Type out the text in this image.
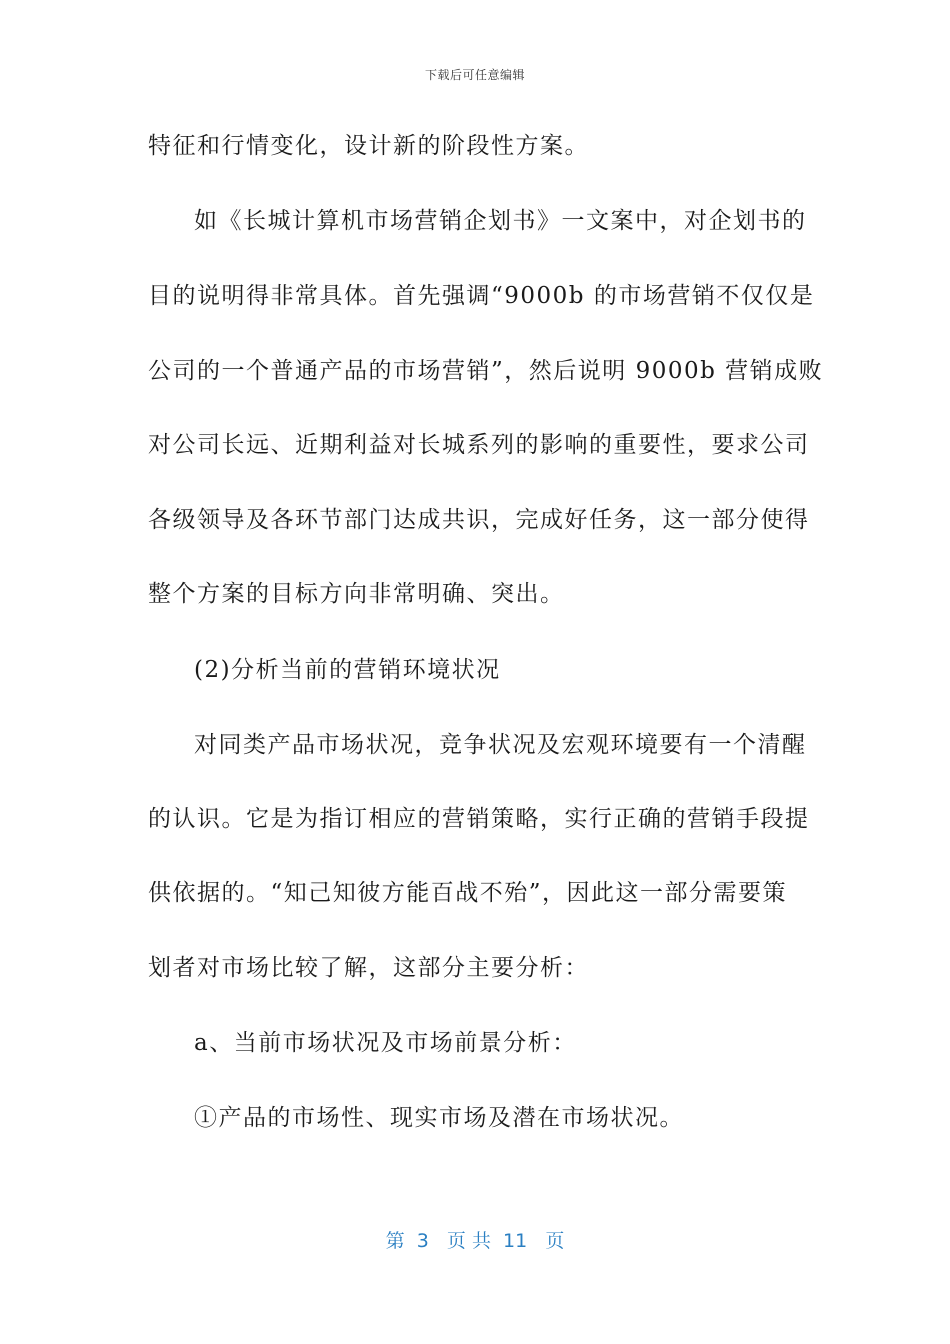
下载后可任意编辑
特征和行情变化，设计新的阶段性方案。
如《长城计算机市场营销企划书》一文案中，对企划书的
目的说明得非常具体。首先强调“9000b 的市场营销不仅仅是
公司的一个普通产品的市场营销”，然后说明 9000b 营销成败
对公司长远、近期利益对长城系列的影响的重要性，要求公司
各级领导及各环节部门达成共识，完成好任务，这一部分使得
整个方案的目标方向非常明确、突出。
(2)分析当前的营销环境状况
对同类产品市场状况，竞争状况及宏观环境要有一个清醒
的认识。它是为指订相应的营销策略，实行正确的营销手段提
供依据的。“知己知彼方能百战不殆”，因此这一部分需要策
划者对市场比较了解，这部分主要分析：
a、当前市场状况及市场前景分析：
①产品的市场性、现实市场及潜在市场状况。
第  3   页 共  11   页
